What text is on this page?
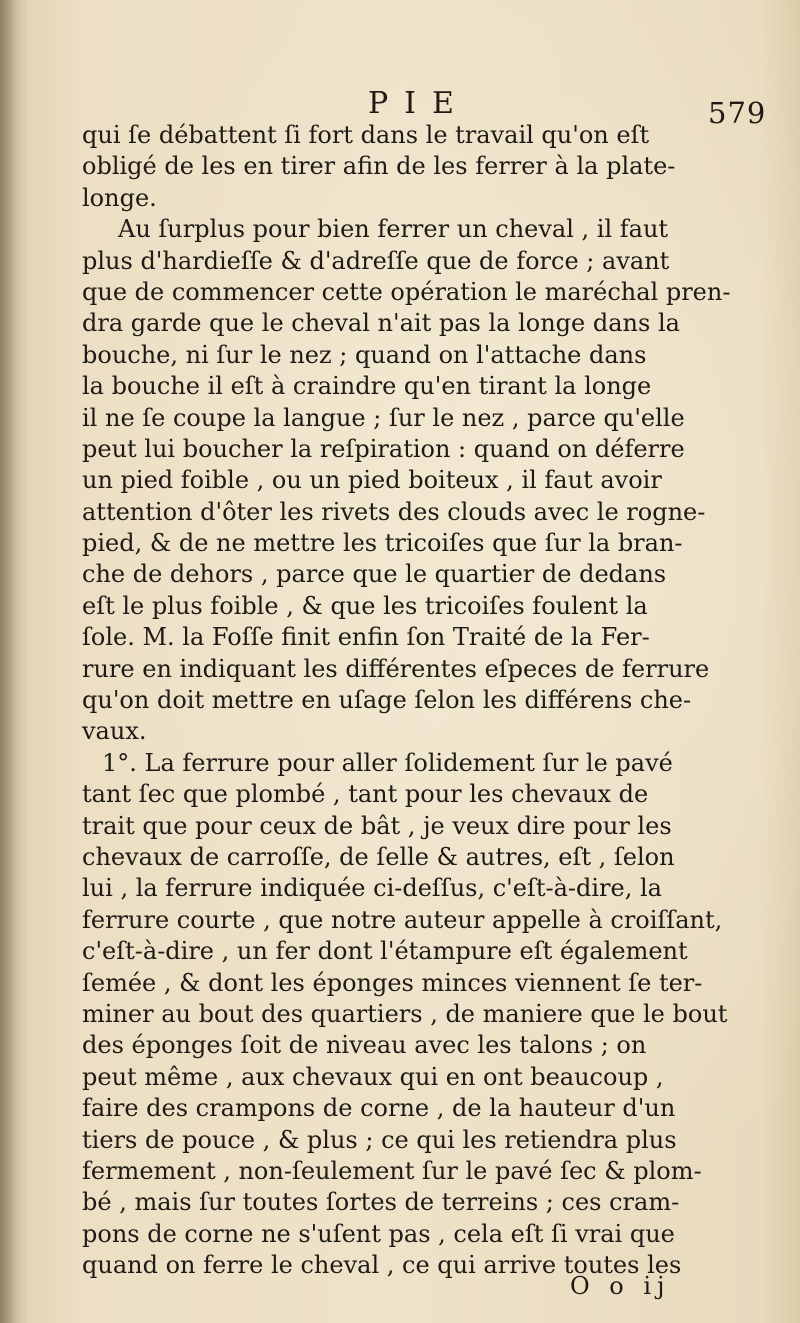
PIE	579
qui ſe débattent ſi fort dans le travail qu'on eſt
obligé de les en tirer afin de les ferrer à la plate-
longe.
Au ſurplus pour bien ferrer un cheval , il faut
plus d'hardieſſe & d'adreſſe que de force ; avant
que de commencer cette opération le maréchal pren-
dra garde que le cheval n'ait pas la longe dans la
bouche, ni ſur le nez ; quand on l'attache dans
la bouche il eſt à craindre qu'en tirant la longe
il ne ſe coupe la langue ; ſur le nez , parce qu'elle
peut lui boucher la reſpiration : quand on déferre
un pied foible , ou un pied boiteux , il faut avoir
attention d'ôter les rivets des clouds avec le rogne-
pied, & de ne mettre les tricoiſes que ſur la bran-
che de dehors , parce que le quartier de dedans
eſt le plus foible , & que les tricoiſes foulent la
ſole. M. la Foſſe finit enfin ſon Traité de la Fer-
rure en indiquant les différentes eſpeces de ferrure
qu'on doit mettre en uſage ſelon les différens che-
vaux.
1°. La ferrure pour aller ſolidement ſur le pavé
tant ſec que plombé , tant pour les chevaux de
trait que pour ceux de bât , je veux dire pour les
chevaux de carroſſe, de ſelle & autres, eſt , ſelon
lui , la ferrure indiquée ci-deſſus, c'eſt-à-dire, la
ferrure courte , que notre auteur appelle à croiſſant,
c'eſt-à-dire , un fer dont l'étampure eſt également
ſemée , & dont les éponges minces viennent ſe ter-
miner au bout des quartiers , de maniere que le bout
des éponges ſoit de niveau avec les talons ; on
peut même , aux chevaux qui en ont beaucoup ,
faire des crampons de corne , de la hauteur d'un
tiers de pouce , & plus ; ce qui les retiendra plus
fermement , non-ſeulement ſur le pavé ſec & plom-
bé , mais ſur toutes ſortes de terreins ; ces cram-
pons de corne ne s'uſent pas , cela eſt ſi vrai que
quand on ferre le cheval , ce qui arrive toutes les
O o ij
